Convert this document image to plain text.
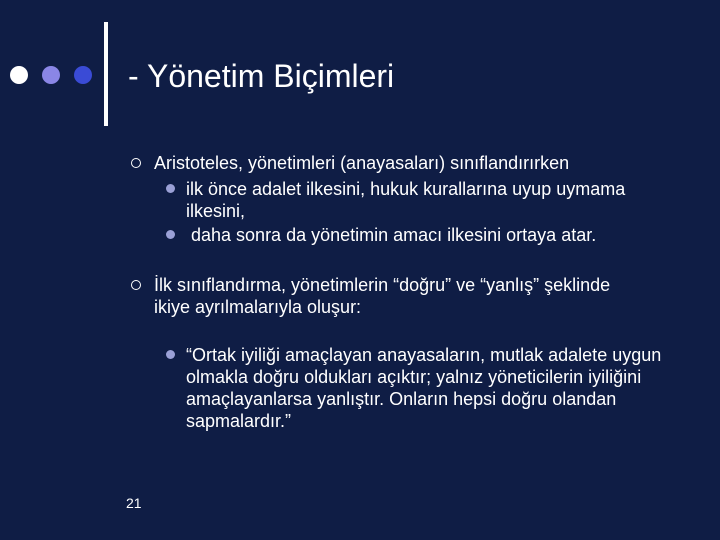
- Yönetim Biçimleri
Aristoteles, yönetimleri (anayasaları) sınıflandırırken
ilk önce adalet ilkesini, hukuk kurallarına uyup uymama ilkesini,
daha sonra da yönetimin amacı ilkesini ortaya atar.
İlk sınıflandırma, yönetimlerin “doğru” ve “yanlış” şeklinde ikiye ayrılmalarıyla oluşur:
“Ortak iyiliği amaçlayan anayasaların, mutlak adalete uygun olmakla doğru oldukları açıktır; yalnız yöneticilerin iyiliğini amaçlayanlarsa yanlıştır. Onların hepsi doğru olandan sapmalardır.”
21
